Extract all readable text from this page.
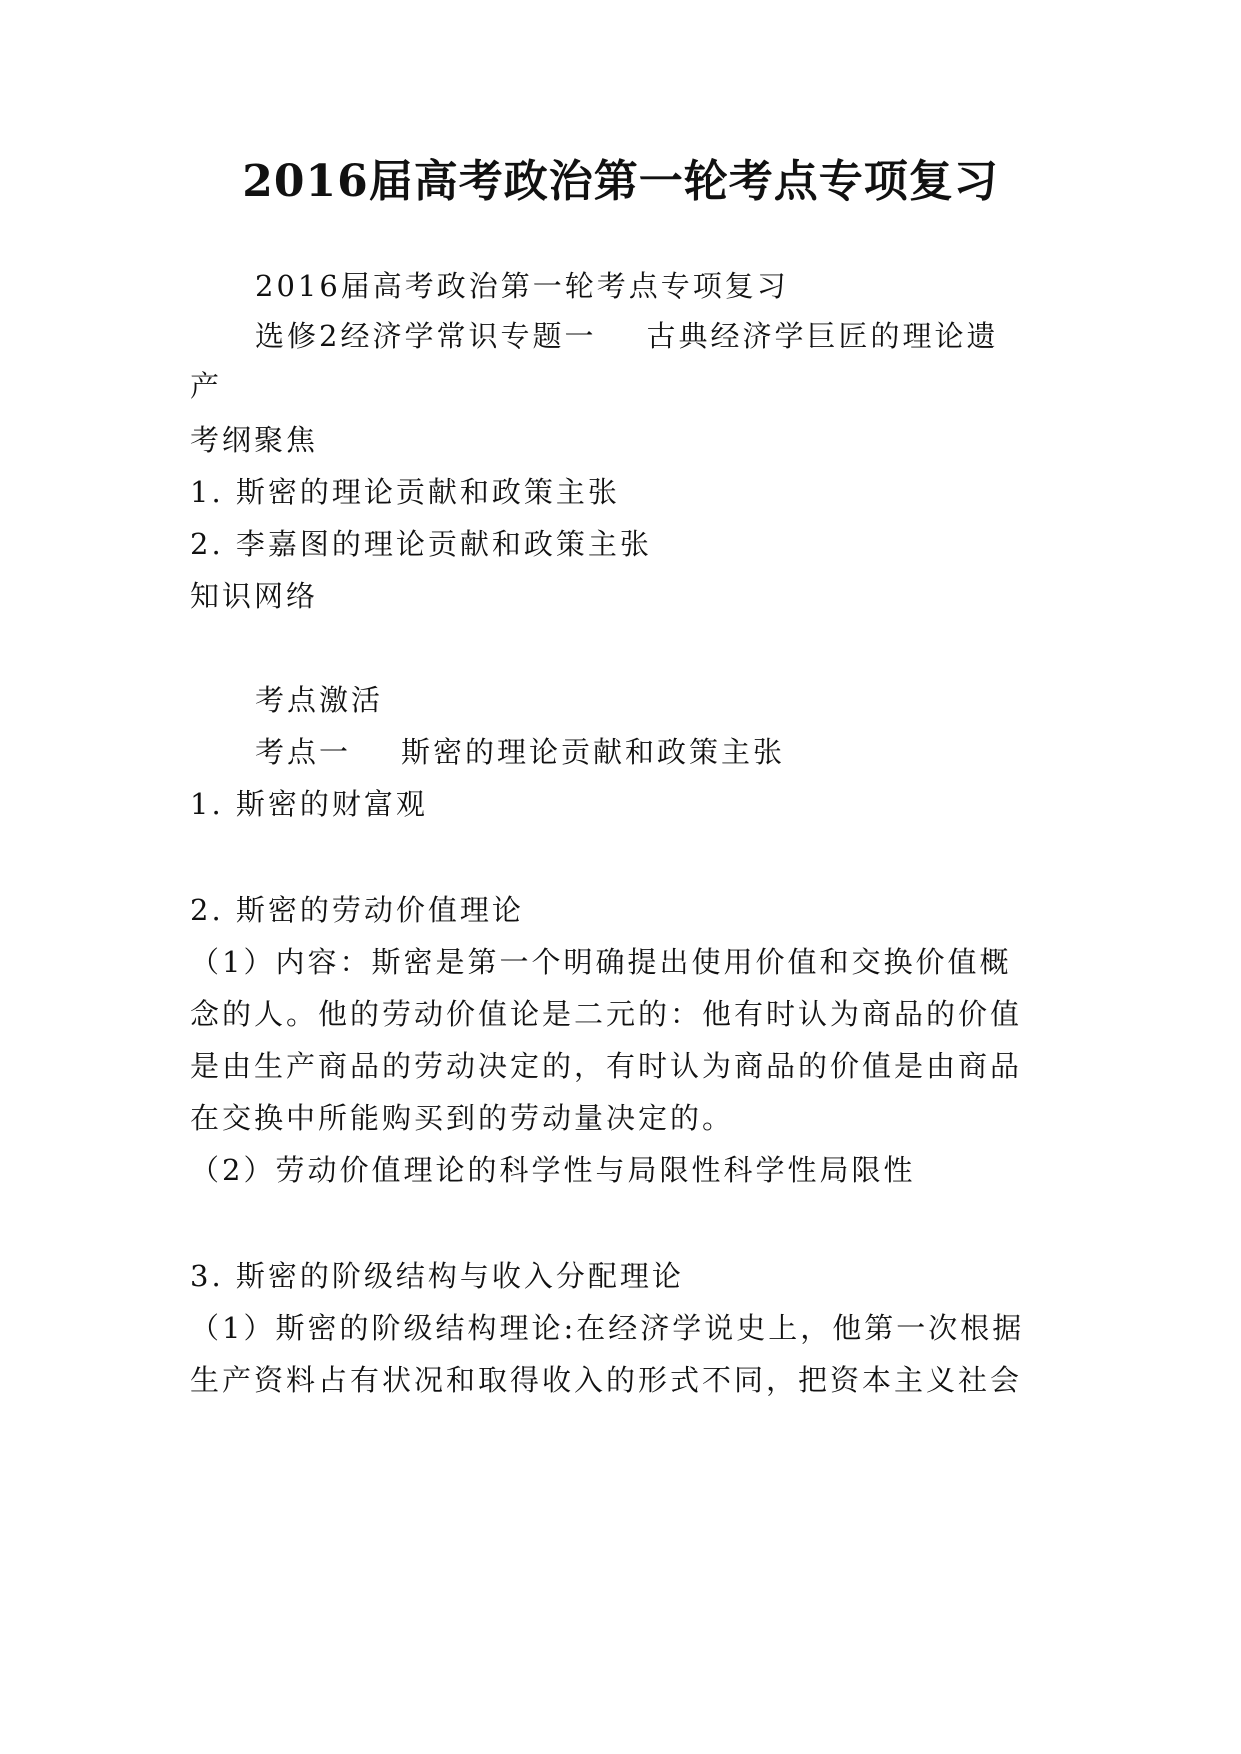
2016届高考政治第一轮考点专项复习
2016届高考政治第一轮考点专项复习
选修2经济学常识专题一 古典经济学巨匠的理论遗
产
考纲聚焦
1. 斯密的理论贡献和政策主张
2. 李嘉图的理论贡献和政策主张
知识网络
考点激活
考点一 斯密的理论贡献和政策主张
1. 斯密的财富观
2. 斯密的劳动价值理论
（1）内容：斯密是第一个明确提出使用价值和交换价值概
念的人。他的劳动价值论是二元的：他有时认为商品的价值
是由生产商品的劳动决定的，有时认为商品的价值是由商品
在交换中所能购买到的劳动量决定的。
（2）劳动价值理论的科学性与局限性科学性局限性
3. 斯密的阶级结构与收入分配理论
（1）斯密的阶级结构理论:在经济学说史上，他第一次根据
生产资料占有状况和取得收入的形式不同，把资本主义社会
